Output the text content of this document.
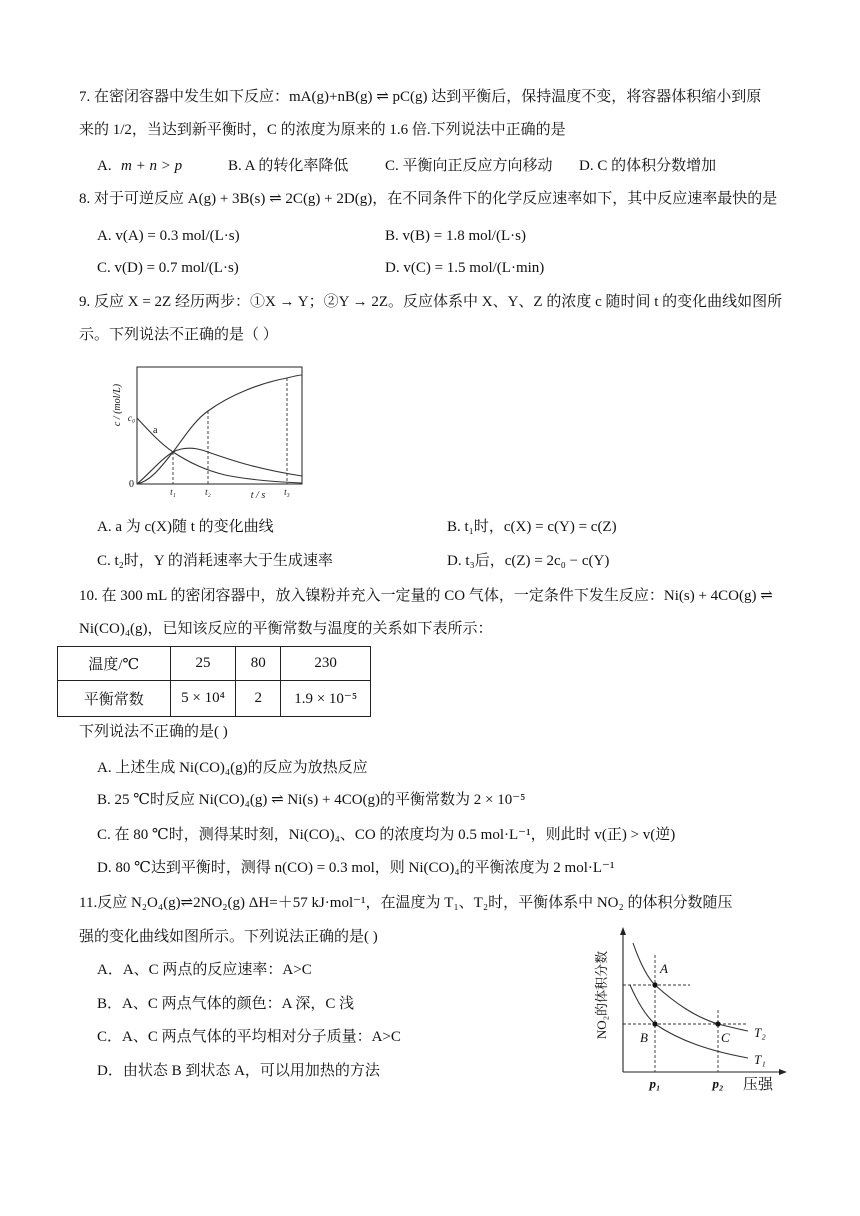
7. 在密闭容器中发生如下反应：mA(g)+nB(g) ⇌ pC(g) 达到平衡后，保持温度不变，将容器体积缩小到原
来的 1/2，当达到新平衡时，C 的浓度为原来的 1.6 倍.下列说法中正确的是
A. m + n > p	B. A 的转化率降低 C. 平衡向正反应方向移动 D. C 的体积分数增加
8. 对于可逆反应 A(g) + 3B(s) ⇌ 2C(g) + 2D(g)，在不同条件下的化学反应速率如下，其中反应速率最快的是
A. v(A) = 0.3 mol/(L·s)	B. v(B) = 1.8 mol/(L·s)
C. v(D) = 0.7 mol/(L·s)	D. v(C) = 1.5 mol/(L·min)
9. 反应 X = 2Z 经历两步：①X → Y；②Y → 2Z。反应体系中 X、Y、Z 的浓度 c 随时间 t 的变化曲线如图所
示。下列说法不正确的是（ ）
c / (mol/L) c₀
a
0
t₁	t₂	t₃
t / s
A. a 为 c(X)随 t 的变化曲线	B. t₁时，c(X) = c(Y) = c(Z)
C. t₂时，Y 的消耗速率大于生成速率	D. t₃后，c(Z) = 2c₀ − c(Y)
10. 在 300 mL 的密闭容器中，放入镍粉并充入一定量的 CO 气体，一定条件下发生反应：Ni(s) + 4CO(g) ⇌
Ni(CO)₄(g)，已知该反应的平衡常数与温度的关系如下表所示：
温度/℃	25	80	230
平衡常数	5 × 10⁴	2	1.9 × 10⁻⁵
下列说法不正确的是( )
A. 上述生成 Ni(CO)₄(g)的反应为放热反应
B. 25 ℃时反应 Ni(CO)₄(g) ⇌ Ni(s) + 4CO(g)的平衡常数为 2 × 10⁻⁵
C. 在 80 ℃时，测得某时刻，Ni(CO)₄、CO 的浓度均为 0.5 mol·L⁻¹，则此时 v(正) > v(逆)
D. 80 ℃达到平衡时，测得 n(CO) = 0.3 mol，则 Ni(CO)₄的平衡浓度为 2 mol·L⁻¹
11.反应 N₂O₄(g)⇌2NO₂(g) ΔH=＋57 kJ·mol⁻¹，在温度为 T₁、T₂时，平衡体系中 NO₂ 的体积分数随压
强的变化曲线如图所示。下列说法正确的是( )
A．A、C 两点的反应速率：A>C
B．A、C 两点气体的颜色：A 深，C 浅
C．A、C 两点气体的平均相对分子质量：A>C
D．由状态 B 到状态 A，可以用加热的方法
NO₂的体积分数	A
B	C T₂
T₁
p₁	p₂ 压强
